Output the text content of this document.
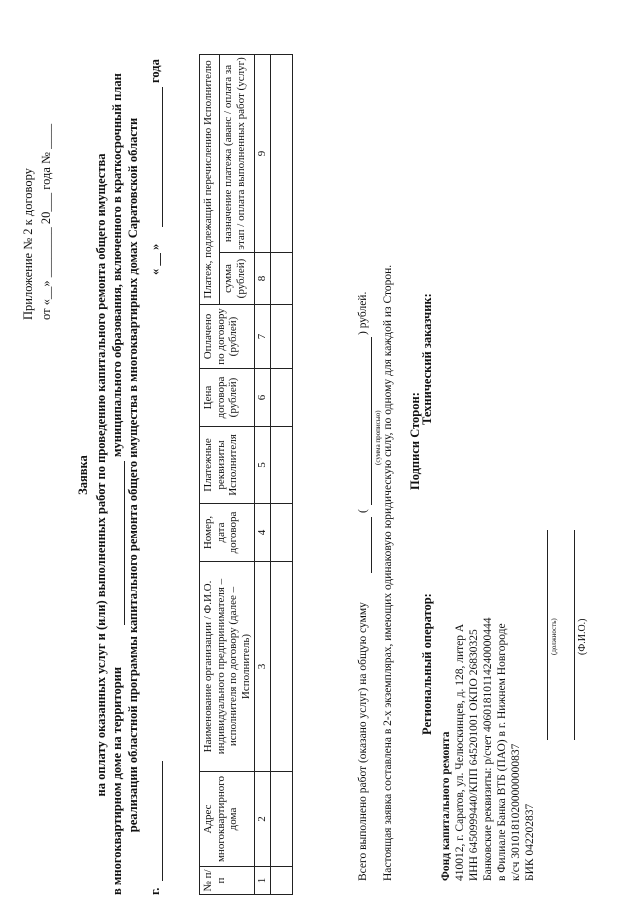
Приложение № 2 к договору от «__» ________ 20___ года № ____
Заявка на оплату оказанных услуг и (или) выполненных работ по проведению капитального ремонта общего имущества в многоквартирном доме на территории
муниципального образования, включенного в краткосрочный план реализации областной программы капитального ремонта общего имущества в многоквартирных домах Саратовской области
г.
« __ »
года
№ п/п	Адрес многоквартирного дома	Наименование организации / Ф.И.О. индивидуального предпринимателя – исполнителя по договору (далее – Исполнитель)	Номер, дата договора	Платежные реквизиты Исполнителя	Цена договора (рублей)	Оплачено по договору (рублей)	Платеж, подлежащий перечислению Исполнителю	
							сумма (рублей)	назначение платежа (аванс / оплата за этап / оплата выполненных работ (услуг)
1	2	3	4	5	6	7	8	9

Всего выполнено работ (оказано услуг) на общую сумму
(
) рублей.
(сумма прописью) Настоящая заявка составлена в 2-х экземплярах, имеющих одинаковую юридическую силу, по одному для каждой из Сторон. Подписи Сторон:
Региональный оператор:
Технический заказчик:
Фонд капитального ремонта 410012, г. Саратов, ул. Челюскинцев, д. 128, литер А ИНН 6450999440/КПП 645201001 ОКПО 26830325 Банковские реквизиты: р/счет 40601810114240000444 в Филиале Банка ВТБ (ПАО) в г. Нижнем Новгороде к/сч 30101810200000000837 БИК 042202837
(должность) (Ф.И.О.)
